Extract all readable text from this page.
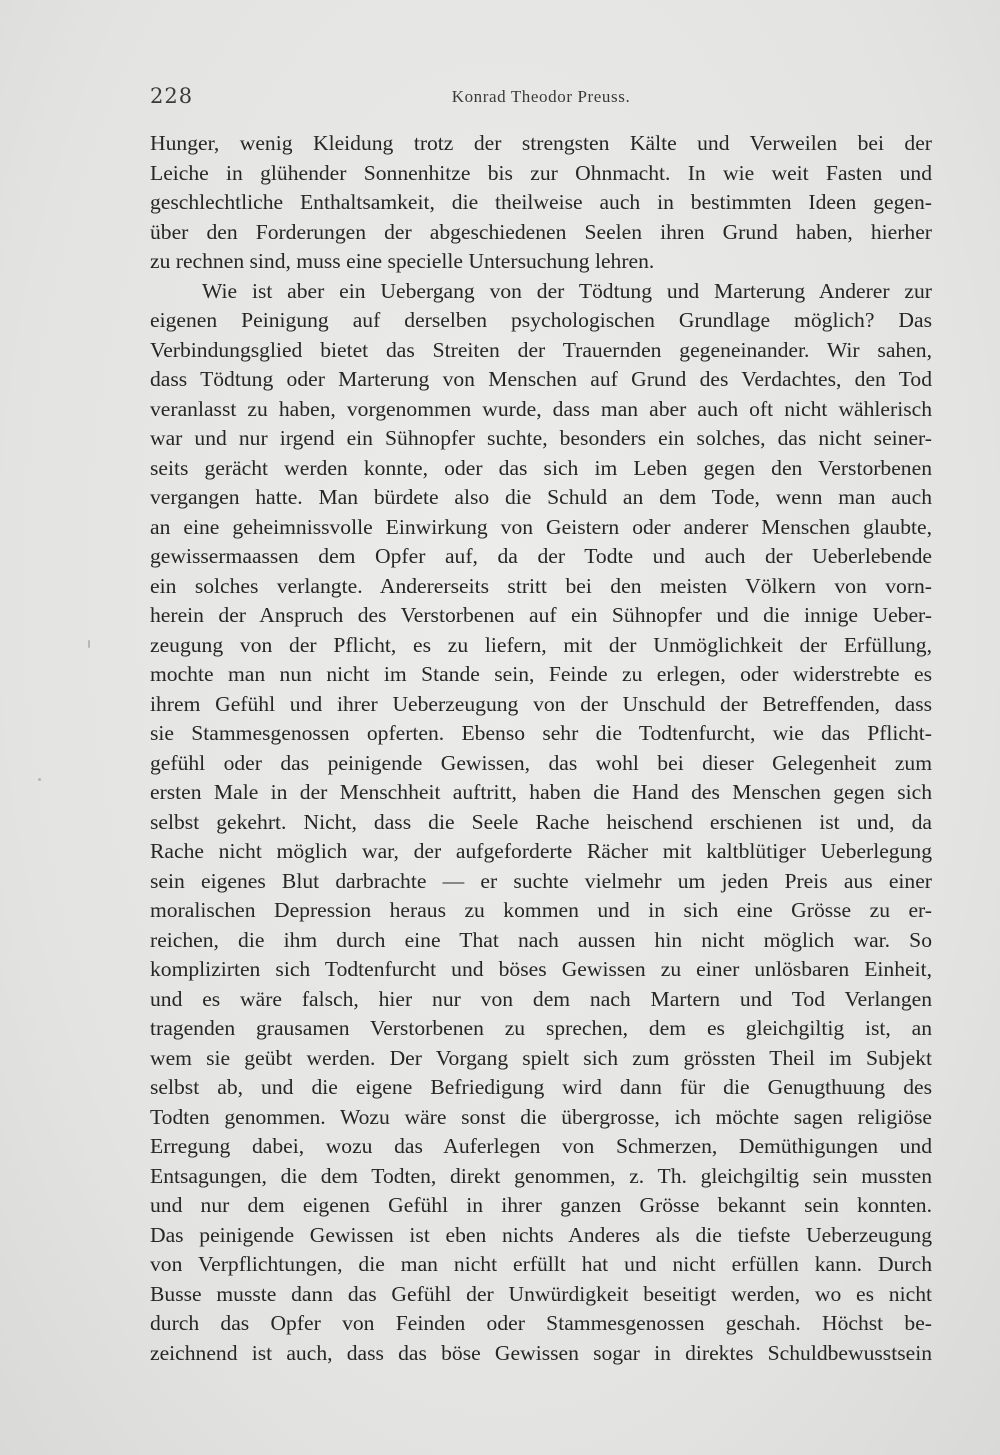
228	Konrad Theodor Preuss.
Hunger, wenig Kleidung trotz der strengsten Kälte und Verweilen bei der
Leiche in glühender Sonnenhitze bis zur Ohnmacht. In wie weit Fasten und
geschlechtliche Enthaltsamkeit, die theilweise auch in bestimmten Ideen gegen-
über den Forderungen der abgeschiedenen Seelen ihren Grund haben, hierher
zu rechnen sind, muss eine specielle Untersuchung lehren.
Wie ist aber ein Uebergang von der Tödtung und Marterung Anderer zur
eigenen Peinigung auf derselben psychologischen Grundlage möglich? Das
Verbindungsglied bietet das Streiten der Trauernden gegeneinander. Wir sahen,
dass Tödtung oder Marterung von Menschen auf Grund des Verdachtes, den Tod
veranlasst zu haben, vorgenommen wurde, dass man aber auch oft nicht wählerisch
war und nur irgend ein Sühnopfer suchte, besonders ein solches, das nicht seiner-
seits gerächt werden konnte, oder das sich im Leben gegen den Verstorbenen
vergangen hatte. Man bürdete also die Schuld an dem Tode, wenn man auch
an eine geheimnissvolle Einwirkung von Geistern oder anderer Menschen glaubte,
gewissermaassen dem Opfer auf, da der Todte und auch der Ueberlebende
ein solches verlangte. Andererseits stritt bei den meisten Völkern von vorn-
herein der Anspruch des Verstorbenen auf ein Sühnopfer und die innige Ueber-
zeugung von der Pflicht, es zu liefern, mit der Unmöglichkeit der Erfüllung,
mochte man nun nicht im Stande sein, Feinde zu erlegen, oder widerstrebte es
ihrem Gefühl und ihrer Ueberzeugung von der Unschuld der Betreffenden, dass
sie Stammesgenossen opferten. Ebenso sehr die Todtenfurcht, wie das Pflicht-
gefühl oder das peinigende Gewissen, das wohl bei dieser Gelegenheit zum
ersten Male in der Menschheit auftritt, haben die Hand des Menschen gegen sich
selbst gekehrt. Nicht, dass die Seele Rache heischend erschienen ist und, da
Rache nicht möglich war, der aufgeforderte Rächer mit kaltblütiger Ueberlegung
sein eigenes Blut darbrachte — er suchte vielmehr um jeden Preis aus einer
moralischen Depression heraus zu kommen und in sich eine Grösse zu er-
reichen, die ihm durch eine That nach aussen hin nicht möglich war. So
komplizirten sich Todtenfurcht und böses Gewissen zu einer unlösbaren Einheit,
und es wäre falsch, hier nur von dem nach Martern und Tod Verlangen
tragenden grausamen Verstorbenen zu sprechen, dem es gleichgiltig ist, an
wem sie geübt werden. Der Vorgang spielt sich zum grössten Theil im Subjekt
selbst ab, und die eigene Befriedigung wird dann für die Genugthuung des
Todten genommen. Wozu wäre sonst die übergrosse, ich möchte sagen religiöse
Erregung dabei, wozu das Auferlegen von Schmerzen, Demüthigungen und
Entsagungen, die dem Todten, direkt genommen, z. Th. gleichgiltig sein mussten
und nur dem eigenen Gefühl in ihrer ganzen Grösse bekannt sein konnten.
Das peinigende Gewissen ist eben nichts Anderes als die tiefste Ueberzeugung
von Verpflichtungen, die man nicht erfüllt hat und nicht erfüllen kann. Durch
Busse musste dann das Gefühl der Unwürdigkeit beseitigt werden, wo es nicht
durch das Opfer von Feinden oder Stammesgenossen geschah. Höchst be-
zeichnend ist auch, dass das böse Gewissen sogar in direktes Schuldbewusstsein
